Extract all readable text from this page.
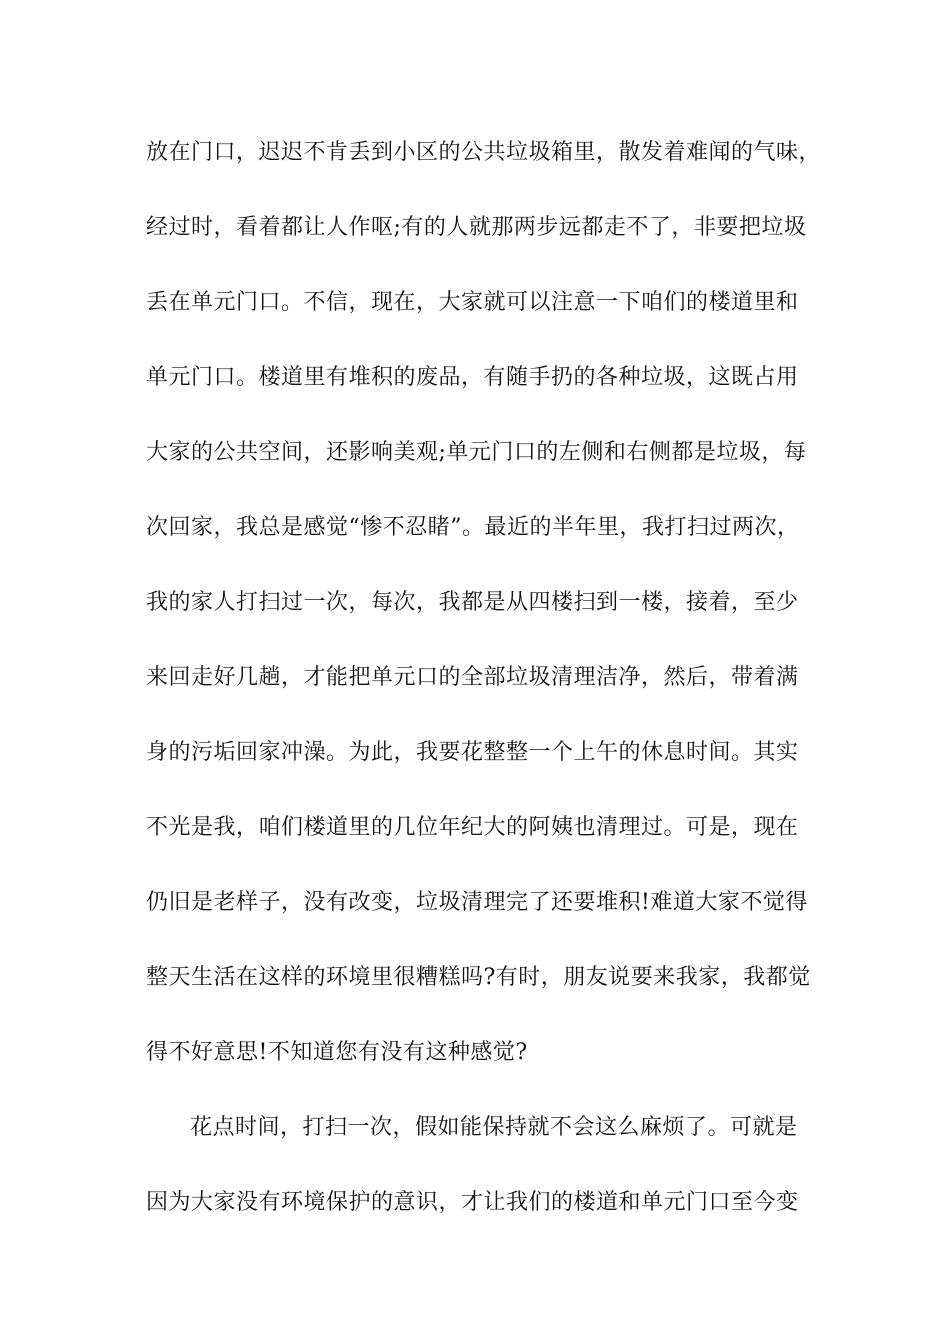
放在门口，迟迟不肯丢到小区的公共垃圾箱里，散发着难闻的气味，
经过时，看着都让人作呕;有的人就那两步远都走不了，非要把垃圾
丢在单元门口。不信，现在，大家就可以注意一下咱们的楼道里和
单元门口。楼道里有堆积的废品，有随手扔的各种垃圾，这既占用
大家的公共空间，还影响美观;单元门口的左侧和右侧都是垃圾，每
次回家，我总是感觉“惨不忍睹”。最近的半年里，我打扫过两次，
我的家人打扫过一次，每次，我都是从四楼扫到一楼，接着，至少
来回走好几趟，才能把单元口的全部垃圾清理洁净，然后，带着满
身的污垢回家冲澡。为此，我要花整整一个上午的休息时间。其实
不光是我，咱们楼道里的几位年纪大的阿姨也清理过。可是，现在
仍旧是老样子，没有改变，垃圾清理完了还要堆积!难道大家不觉得
整天生活在这样的环境里很糟糕吗?有时，朋友说要来我家，我都觉
得不好意思!不知道您有没有这种感觉?
花点时间，打扫一次，假如能保持就不会这么麻烦了。可就是
因为大家没有环境保护的意识，才让我们的楼道和单元门口至今变
